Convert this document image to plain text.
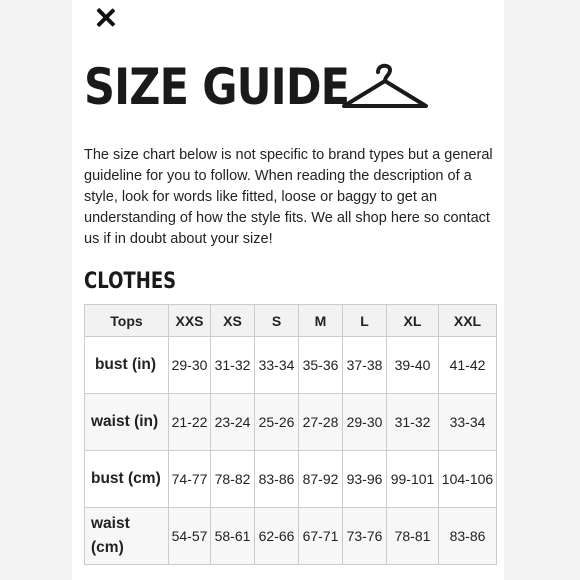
SIZE GUIDE

The size chart below is not specific to brand types but a general guideline for you to follow. When reading the description of a style, look for words like fitted, loose or baggy to get an understanding of how the style fits. We all shop here so contact us if in doubt about your size!

CLOTHES
Tops	XXS	XS	S	M	L	XL	XXL
bust (in)	29-30	31-32	33-34	35-36	37-38	39-40	41-42
waist (in)	21-22	23-24	25-26	27-28	29-30	31-32	33-34
bust (cm)	74-77	78-82	83-86	87-92	93-96	99-101	104-106
waist (cm)	54-57	58-61	62-66	67-71	73-76	78-81	83-86
